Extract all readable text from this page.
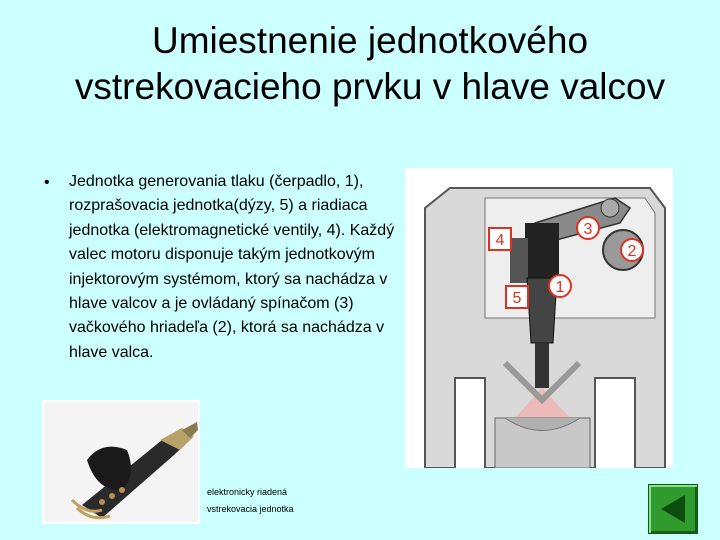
Umiestnenie jednotkového vstrekovacieho prvku v hlave valcov
• Jednotka generovania tlaku (čerpadlo, 1), rozprašovacia jednotka(dýzy, 5) a riadiaca jednotka (elektromagnetické ventily, 4). Každý valec motoru disponuje takým jednotkovým injektorovým systémom, ktorý sa nachádza v hlave valcov a je ovládaný spínačom (3) vačkového hriadeľa (2), ktorá sa nachádza v hlave valca.
4
3
2
5
1
elektronicky riadená
vstrekovacia jednotka
